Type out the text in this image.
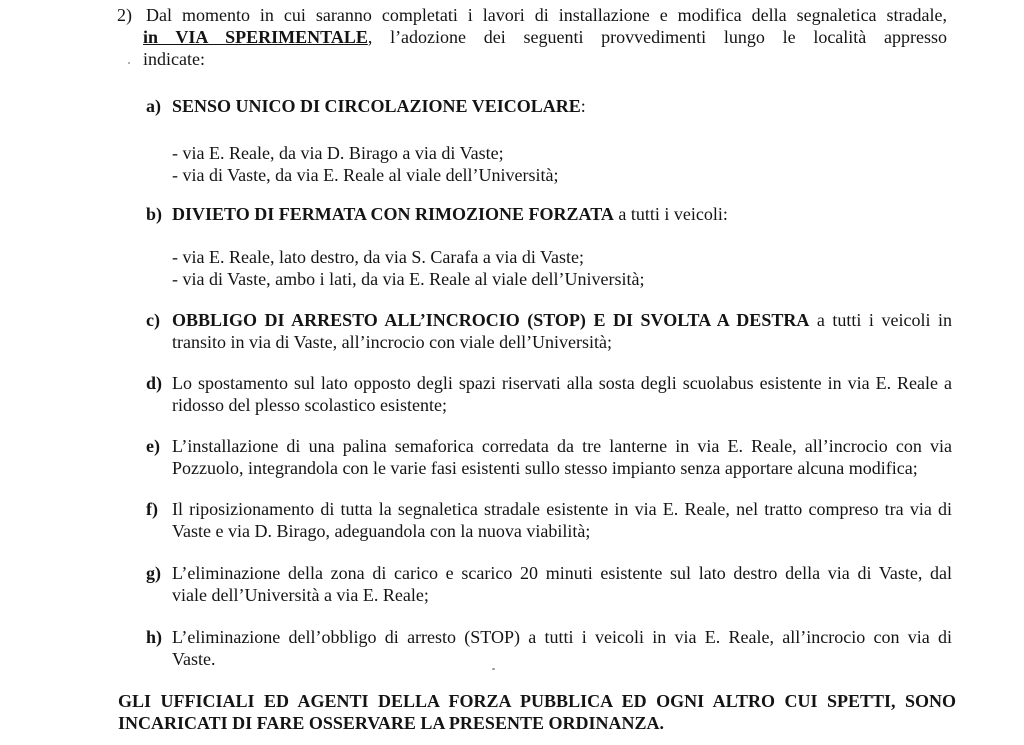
2) Dal momento in cui saranno completati i lavori di installazione e modifica della segnaletica stradale,
in VIA SPERIMENTALE, l’adozione dei seguenti provvedimenti lungo le località appresso
indicate:
a) SENSO UNICO DI CIRCOLAZIONE VEICOLARE:
- via E. Reale, da via D. Birago a via di Vaste;
- via di Vaste, da via E. Reale al viale dell’Università;
b) DIVIETO DI FERMATA CON RIMOZIONE FORZATA a tutti i veicoli:
- via E. Reale, lato destro, da via S. Carafa a via di Vaste;
- via di Vaste, ambo i lati, da via E. Reale al viale dell’Università;
c) OBBLIGO DI ARRESTO ALL’INCROCIO (STOP) E DI SVOLTA A DESTRA a tutti i veicoli in
transito in via di Vaste, all’incrocio con viale dell’Università;
d) Lo spostamento sul lato opposto degli spazi riservati alla sosta degli scuolabus esistente in via E. Reale a
ridosso del plesso scolastico esistente;
e) L’installazione di una palina semaforica corredata da tre lanterne in via E. Reale, all’incrocio con via
Pozzuolo, integrandola con le varie fasi esistenti sullo stesso impianto senza apportare alcuna modifica;
f) Il riposizionamento di tutta la segnaletica stradale esistente in via E. Reale, nel tratto compreso tra via di
Vaste e via D. Birago, adeguandola con la nuova viabilità;
g) L’eliminazione della zona di carico e scarico 20 minuti esistente sul lato destro della via di Vaste, dal
viale dell’Università a via E. Reale;
h) L’eliminazione dell’obbligo di arresto (STOP) a tutti i veicoli in via E. Reale, all’incrocio con via di
Vaste.
GLI UFFICIALI ED AGENTI DELLA FORZA PUBBLICA ED OGNI ALTRO CUI SPETTI, SONO
INCARICATI DI FARE OSSERVARE LA PRESENTE ORDINANZA.
